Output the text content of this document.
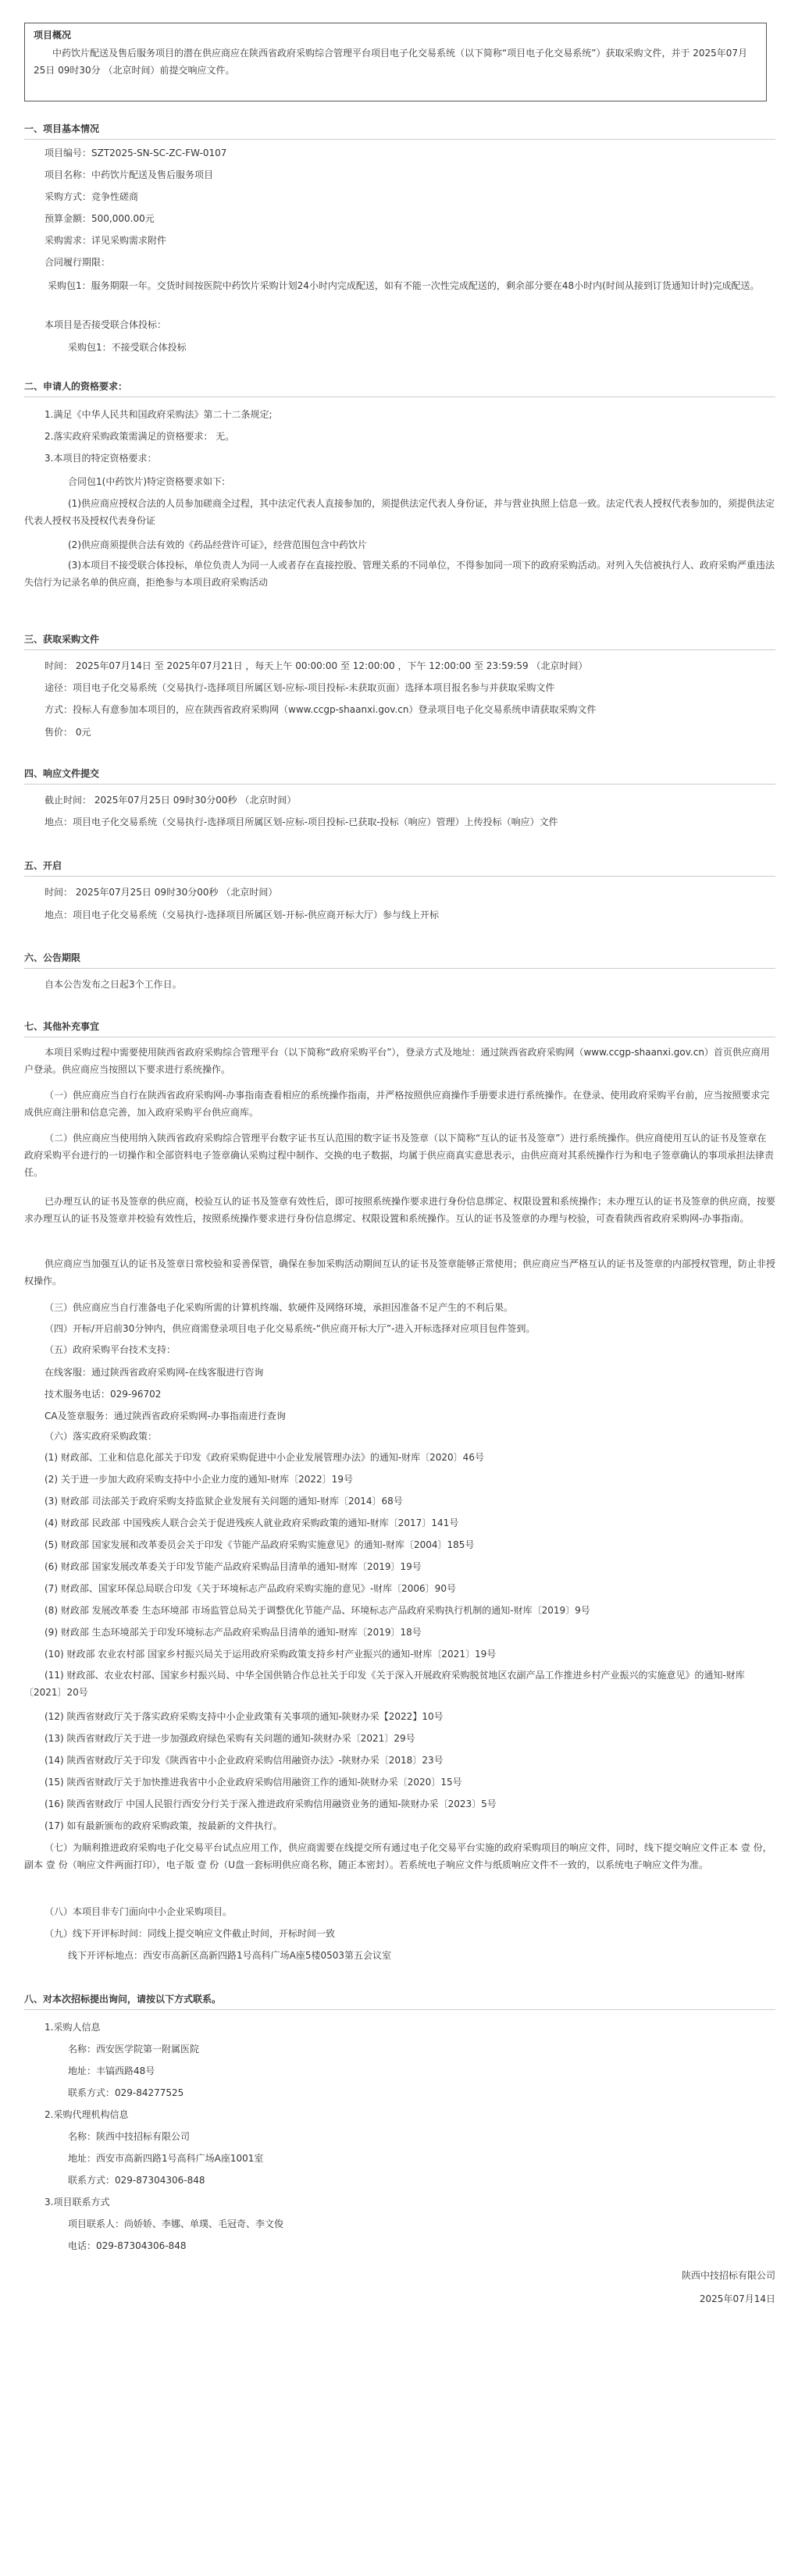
项目概况
中药饮片配送及售后服务项目的潜在供应商应在陕西省政府采购综合管理平台项目电子化交易系统（以下简称“项目电子化交易系统”）获取采购文件，并于 2025年07月25日 09时30分 （北京时间）前提交响应文件。
一、项目基本情况
项目编号：SZT2025-SN-SC-ZC-FW-0107
项目名称：中药饮片配送及售后服务项目
采购方式：竞争性磋商
预算金额：500,000.00元
采购需求：详见采购需求附件
合同履行期限：
采购包1：服务期限一年。交货时间按医院中药饮片采购计划24小时内完成配送，如有不能一次性完成配送的，剩余部分要在48小时内(时间从接到订货通知计时)完成配送。
本项目是否接受联合体投标：
采购包1：不接受联合体投标
二、申请人的资格要求：
1.满足《中华人民共和国政府采购法》第二十二条规定;
2.落实政府采购政策需满足的资格要求： 无。
3.本项目的特定资格要求：
合同包1(中药饮片)特定资格要求如下:
(1)供应商应授权合法的人员参加磋商全过程，其中法定代表人直接参加的，须提供法定代表人身份证，并与营业执照上信息一致。法定代表人授权代表参加的，须提供法定代表人授权书及授权代表身份证
(2)供应商须提供合法有效的《药品经营许可证》，经营范围包含中药饮片
(3)本项目不接受联合体投标，单位负责人为同一人或者存在直接控股、管理关系的不同单位，不得参加同一项下的政府采购活动。对列入失信被执行人、政府采购严重违法失信行为记录名单的供应商，拒绝参与本项目政府采购活动
三、获取采购文件
时间： 2025年07月14日 至 2025年07月21日 ，每天上午 00:00:00 至 12:00:00 ，下午 12:00:00 至 23:59:59 （北京时间）
途径：项目电子化交易系统（交易执行-选择项目所属区划-应标-项目投标-未获取页面）选择本项目报名参与并获取采购文件
方式：投标人有意参加本项目的，应在陕西省政府采购网（www.ccgp-shaanxi.gov.cn）登录项目电子化交易系统申请获取采购文件
售价： 0元
四、响应文件提交
截止时间： 2025年07月25日 09时30分00秒 （北京时间）
地点：项目电子化交易系统（交易执行-选择项目所属区划-应标-项目投标-已获取-投标（响应）管理）上传投标（响应）文件
五、开启
时间： 2025年07月25日 09时30分00秒 （北京时间）
地点：项目电子化交易系统（交易执行-选择项目所属区划-开标-供应商开标大厅）参与线上开标
六、公告期限
自本公告发布之日起3个工作日。
七、其他补充事宜
本项目采购过程中需要使用陕西省政府采购综合管理平台（以下简称“政府采购平台”），登录方式及地址：通过陕西省政府采购网（www.ccgp-shaanxi.gov.cn）首页供应商用户登录。供应商应当按照以下要求进行系统操作。
（一）供应商应当自行在陕西省政府采购网-办事指南查看相应的系统操作指南，并严格按照供应商操作手册要求进行系统操作。在登录、使用政府采购平台前，应当按照要求完成供应商注册和信息完善，加入政府采购平台供应商库。
（二）供应商应当使用纳入陕西省政府采购综合管理平台数字证书互认范围的数字证书及签章（以下简称“互认的证书及签章”）进行系统操作。供应商使用互认的证书及签章在政府采购平台进行的一切操作和全部资料电子签章确认采购过程中制作、交换的电子数据，均属于供应商真实意思表示，由供应商对其系统操作行为和电子签章确认的事项承担法律责任。
已办理互认的证书及签章的供应商，校验互认的证书及签章有效性后，即可按照系统操作要求进行身份信息绑定、权限设置和系统操作；未办理互认的证书及签章的供应商，按要求办理互认的证书及签章并校验有效性后，按照系统操作要求进行身份信息绑定、权限设置和系统操作。互认的证书及签章的办理与校验，可查看陕西省政府采购网-办事指南。
供应商应当加强互认的证书及签章日常校验和妥善保管，确保在参加采购活动期间互认的证书及签章能够正常使用；供应商应当严格互认的证书及签章的内部授权管理，防止非授权操作。
（三）供应商应当自行准备电子化采购所需的计算机终端、软硬件及网络环境，承担因准备不足产生的不利后果。
（四）开标/开启前30分钟内，供应商需登录项目电子化交易系统-“供应商开标大厅”-进入开标选择对应项目包件签到。
（五）政府采购平台技术支持：
在线客服：通过陕西省政府采购网-在线客服进行咨询
技术服务电话：029-96702
CA及签章服务：通过陕西省政府采购网-办事指南进行查询
（六）落实政府采购政策：
(1) 财政部、工业和信息化部关于印发《政府采购促进中小企业发展管理办法》的通知-财库〔2020〕46号
(2) 关于进一步加大政府采购支持中小企业力度的通知-财库〔2022〕19号
(3) 财政部 司法部关于政府采购支持监狱企业发展有关问题的通知-财库〔2014〕68号
(4) 财政部 民政部 中国残疾人联合会关于促进残疾人就业政府采购政策的通知-财库〔2017〕141号
(5) 财政部 国家发展和改革委员会关于印发《节能产品政府采购实施意见》的通知-财库〔2004〕185号
(6) 财政部 国家发展改革委关于印发节能产品政府采购品目清单的通知-财库〔2019〕19号
(7) 财政部、国家环保总局联合印发《关于环境标志产品政府采购实施的意见》-财库〔2006〕90号
(8) 财政部 发展改革委 生态环境部 市场监管总局关于调整优化节能产品、环境标志产品政府采购执行机制的通知-财库〔2019〕9号
(9) 财政部 生态环境部关于印发环境标志产品政府采购品目清单的通知-财库〔2019〕18号
(10) 财政部 农业农村部 国家乡村振兴局关于运用政府采购政策支持乡村产业振兴的通知-财库〔2021〕19号
(11) 财政部、农业农村部、国家乡村振兴局、中华全国供销合作总社关于印发《关于深入开展政府采购脱贫地区农副产品工作推进乡村产业振兴的实施意见》的通知-财库〔2021〕20号
(12) 陕西省财政厅关于落实政府采购支持中小企业政策有关事项的通知-陕财办采【2022】10号
(13) 陕西省财政厅关于进一步加强政府绿色采购有关问题的通知-陕财办采〔2021〕29号
(14) 陕西省财政厅关于印发《陕西省中小企业政府采购信用融资办法》-陕财办采〔2018〕23号
(15) 陕西省财政厅关于加快推进我省中小企业政府采购信用融资工作的通知-陕财办采〔2020〕15号
(16) 陕西省财政厅 中国人民银行西安分行关于深入推进政府采购信用融资业务的通知-陕财办采〔2023〕5号
(17) 如有最新颁布的政府采购政策，按最新的文件执行。
（七）为顺利推进政府采购电子化交易平台试点应用工作，供应商需要在线提交所有通过电子化交易平台实施的政府采购项目的响应文件，同时，线下提交响应文件正本 壹 份，副本 壹 份（响应文件两面打印），电子版 壹 份（U盘一套标明供应商名称，随正本密封）。若系统电子响应文件与纸质响应文件不一致的，以系统电子响应文件为准。
（八）本项目非专门面向中小企业采购项目。
（九）线下开评标时间：同线上提交响应文件截止时间，开标时间一致
线下开评标地点：西安市高新区高新四路1号高科广场A座5楼0503第五会议室
八、对本次招标提出询问，请按以下方式联系。
1.采购人信息
名称：西安医学院第一附属医院
地址：丰镐西路48号
联系方式：029-84277525
2.采购代理机构信息
名称：陕西中技招标有限公司
地址：西安市高新四路1号高科广场A座1001室
联系方式：029-87304306-848
3.项目联系方式
项目联系人：尚娇娇、李娜、单璞、毛冠奇、李文俊
电话：029-87304306-848
陕西中技招标有限公司
2025年07月14日
